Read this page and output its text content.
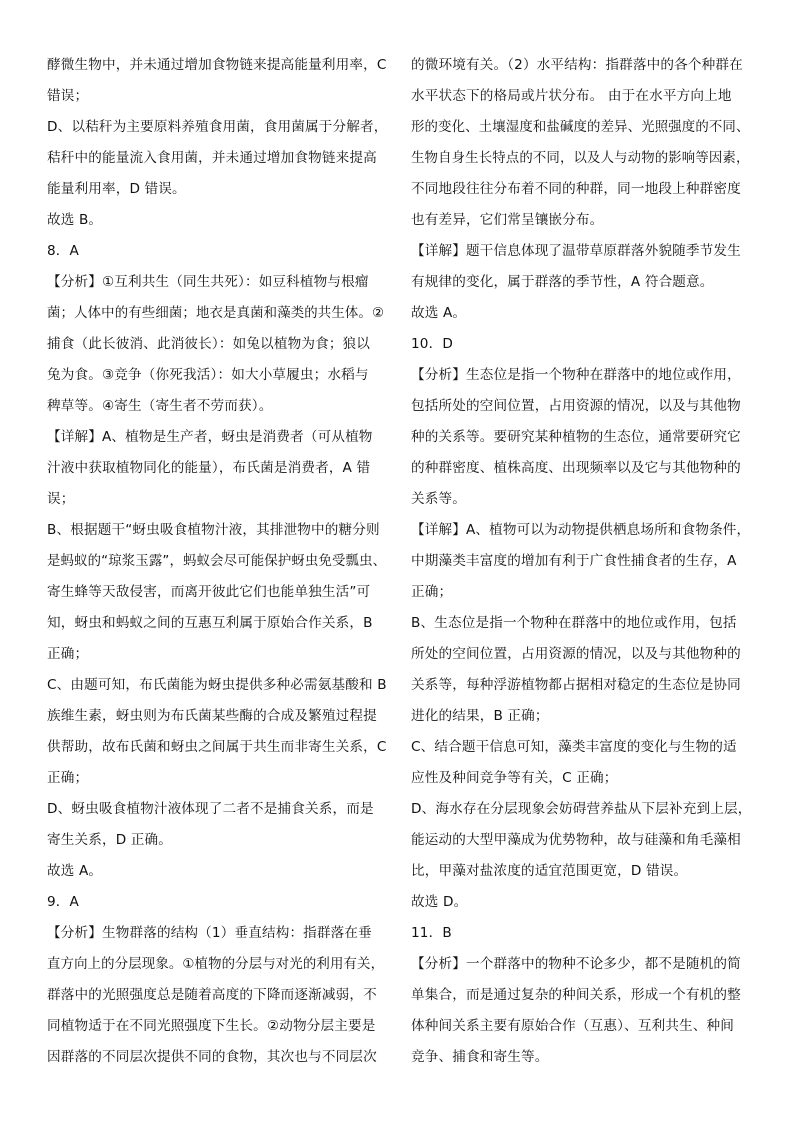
酵微生物中，并未通过增加食物链来提高能量利用率，C
错误；
D、以秸秆为主要原料养殖食用菌，食用菌属于分解者，
秸秆中的能量流入食用菌，并未通过增加食物链来提高
能量利用率，D 错误。
故选 B。
8．A
【分析】①互利共生（同生共死）：如豆科植物与根瘤
菌；人体中的有些细菌；地衣是真菌和藻类的共生体。②
捕食（此长彼消、此消彼长）：如兔以植物为食；狼以
兔为食。③竞争（你死我活）：如大小草履虫；水稻与
稗草等。④寄生（寄生者不劳而获）。
【详解】A、植物是生产者，蚜虫是消费者（可从植物
汁液中获取植物同化的能量），布氏菌是消费者，A 错
误；
B、根据题干“蚜虫吸食植物汁液，其排泄物中的糖分则
是蚂蚁的“琼浆玉露”，蚂蚁会尽可能保护蚜虫免受瓢虫、
寄生蜂等天敌侵害，而离开彼此它们也能单独生活”可
知，蚜虫和蚂蚁之间的互惠互利属于原始合作关系，B
正确；
C、由题可知，布氏菌能为蚜虫提供多种必需氨基酸和 B
族维生素，蚜虫则为布氏菌某些酶的合成及繁殖过程提
供帮助，故布氏菌和蚜虫之间属于共生而非寄生关系，C
正确；
D、蚜虫吸食植物汁液体现了二者不是捕食关系，而是
寄生关系，D 正确。
故选 A。
9．A
【分析】生物群落的结构（1）垂直结构：指群落在垂
直方向上的分层现象。①植物的分层与对光的利用有关，
群落中的光照强度总是随着高度的下降而逐渐减弱，不
同植物适于在不同光照强度下生长。②动物分层主要是
因群落的不同层次提供不同的食物，其次也与不同层次
的微环境有关。（2）水平结构：指群落中的各个种群在
水平状态下的格局或片状分布。 由于在水平方向上地
形的变化、土壤湿度和盐碱度的差异、光照强度的不同、
生物自身生长特点的不同，以及人与动物的影响等因素，
不同地段往往分布着不同的种群，同一地段上种群密度
也有差异，它们常呈镶嵌分布。
【详解】题干信息体现了温带草原群落外貌随季节发生
有规律的变化，属于群落的季节性，A 符合题意。
故选 A。
10．D
【分析】生态位是指一个物种在群落中的地位或作用，
包括所处的空间位置，占用资源的情况，以及与其他物
种的关系等。要研究某种植物的生态位，通常要研究它
的种群密度、植株高度、出现频率以及它与其他物种的
关系等。
【详解】A、植物可以为动物提供栖息场所和食物条件，
中期藻类丰富度的增加有利于广食性捕食者的生存，A
正确；
B、生态位是指一个物种在群落中的地位或作用，包括
所处的空间位置，占用资源的情况，以及与其他物种的
关系等，每种浮游植物都占据相对稳定的生态位是协同
进化的结果，B 正确；
C、结合题干信息可知，藻类丰富度的变化与生物的适
应性及种间竞争等有关，C 正确；
D、海水存在分层现象会妨碍营养盐从下层补充到上层，
能运动的大型甲藻成为优势物种，故与硅藻和角毛藻相
比，甲藻对盐浓度的适宜范围更宽，D 错误。
故选 D。
11．B
【分析】一个群落中的物种不论多少，都不是随机的简
单集合，而是通过复杂的种间关系，形成一个有机的整
体种间关系主要有原始合作（互惠）、互利共生、种间
竞争、捕食和寄生等。
